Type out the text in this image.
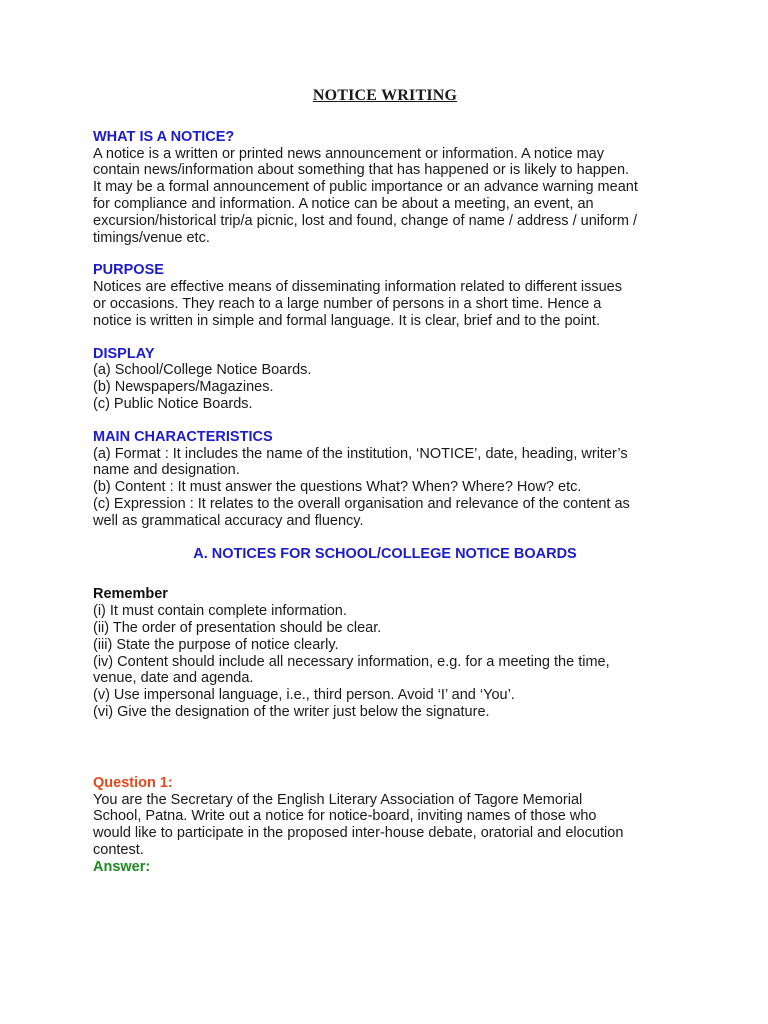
NOTICE WRITING
WHAT IS A NOTICE?
A notice is a written or printed news announcement or information. A notice may
contain news/information about something that has happened or is likely to happen.
It may be a formal announcement of public importance or an advance warning meant
for compliance and information. A notice can be about a meeting, an event, an
excursion/historical trip/a picnic, lost and found, change of name / address / uniform /
timings/venue etc.
PURPOSE
Notices are effective means of disseminating information related to different issues
or occasions. They reach to a large number of persons in a short time. Hence a
notice is written in simple and formal language. It is clear, brief and to the point.
DISPLAY
(a) School/College Notice Boards.
(b) Newspapers/Magazines.
(c) Public Notice Boards.
MAIN CHARACTERISTICS
(a) Format : It includes the name of the institution, ‘NOTICE’, date, heading, writer’s
name and designation.
(b) Content : It must answer the questions What? When? Where? How? etc.
(c) Expression : It relates to the overall organisation and relevance of the content as
well as grammatical accuracy and fluency.
A. NOTICES FOR SCHOOL/COLLEGE NOTICE BOARDS
Remember
(i) It must contain complete information.
(ii) The order of presentation should be clear.
(iii) State the purpose of notice clearly.
(iv) Content should include all necessary information, e.g. for a meeting the time,
venue, date and agenda.
(v) Use impersonal language, i.e., third person. Avoid ‘I’ and ‘You’.
(vi) Give the designation of the writer just below the signature.
Question 1:
You are the Secretary of the English Literary Association of Tagore Memorial
School, Patna. Write out a notice for notice-board, inviting names of those who
would like to participate in the proposed inter-house debate, oratorial and elocution
contest.
Answer:
